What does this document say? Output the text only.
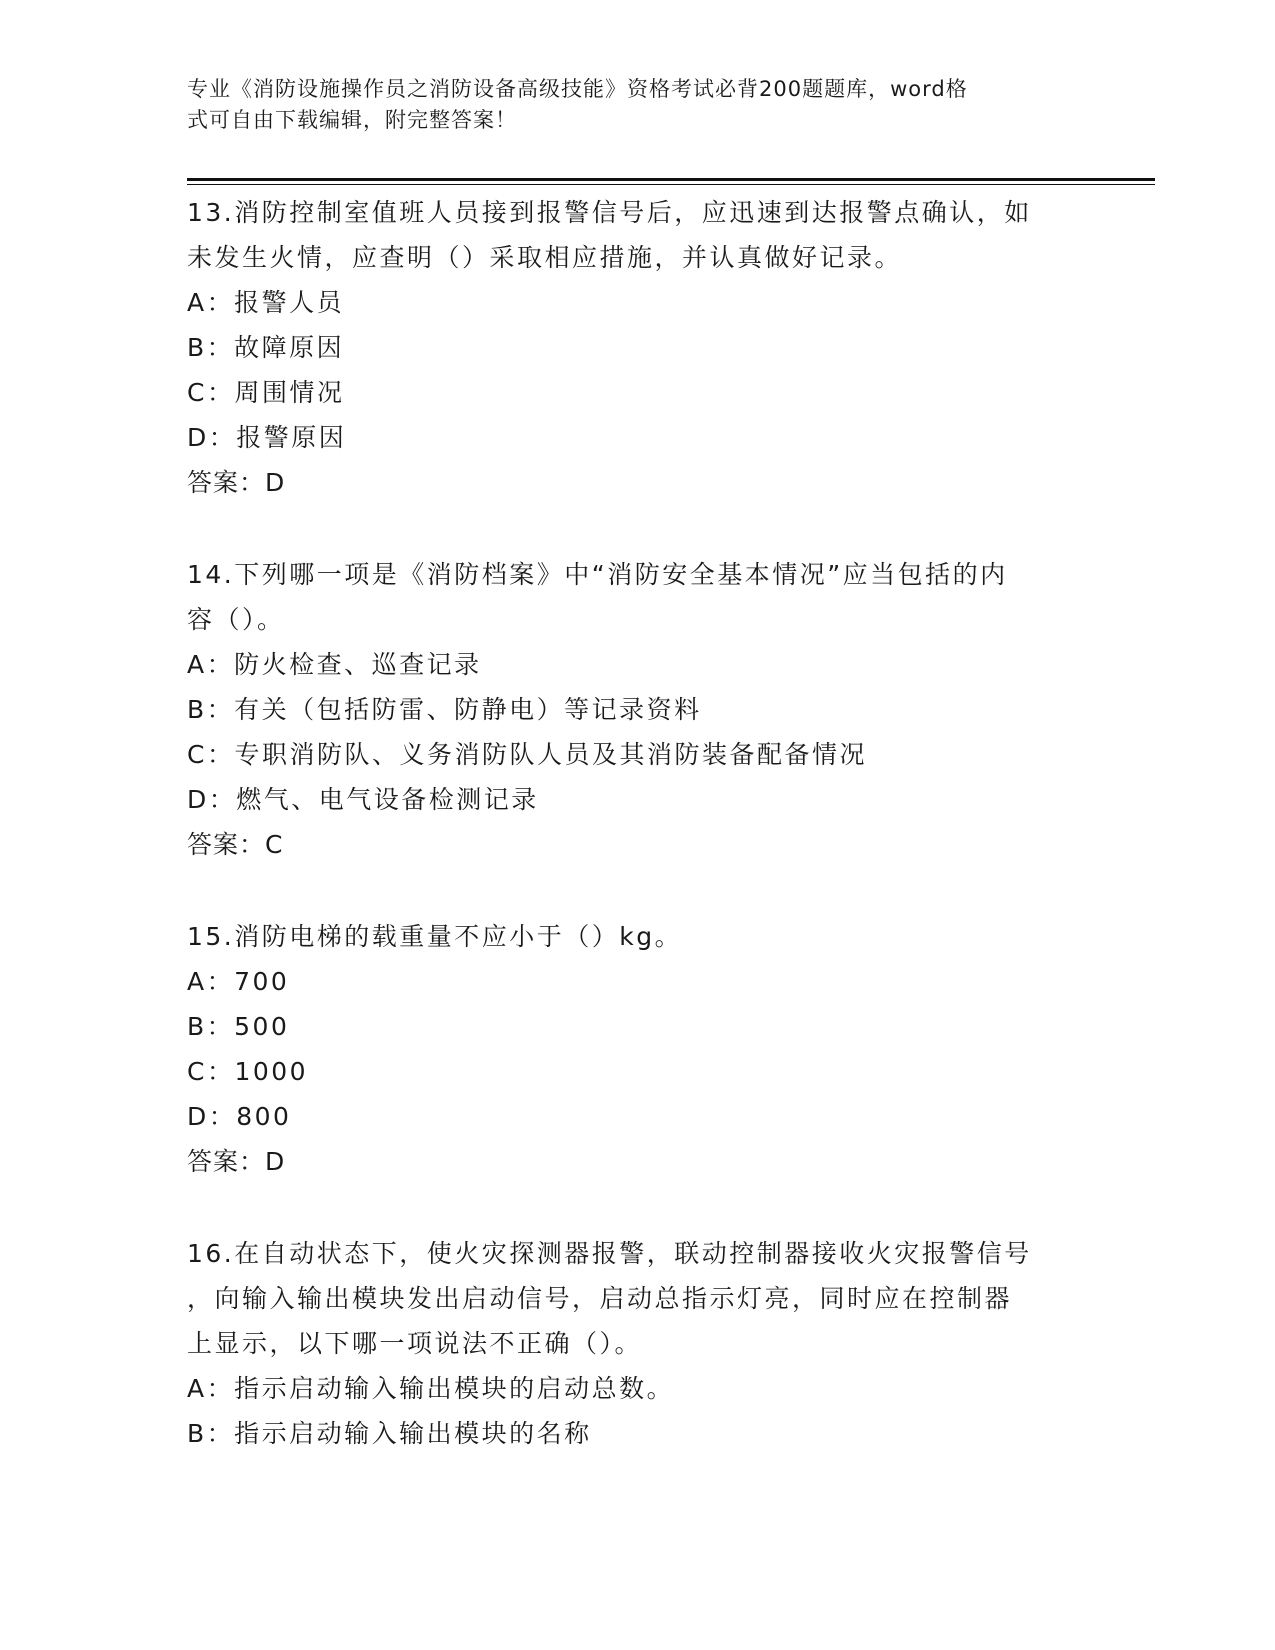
专业《消防设施操作员之消防设备高级技能》资格考试必背200题题库，word格
式可自由下载编辑，附完整答案！

13.消防控制室值班人员接到报警信号后，应迅速到达报警点确认，如
未发生火情，应查明（）采取相应措施，并认真做好记录。

A：报警人员

B：故障原因

C：周围情况

D：报警原因

答案：D

14.下列哪一项是《消防档案》中“消防安全基本情况”应当包括的内
容（）。

A：防火检查、巡查记录

B：有关（包括防雷、防静电）等记录资料

C：专职消防队、义务消防队人员及其消防装备配备情况

D：燃气、电气设备检测记录

答案：C

15.消防电梯的载重量不应小于（）kg。

A：700

B：500

C：1000

D：800

答案：D

16.在自动状态下，使火灾探测器报警，联动控制器接收火灾报警信号
，向输入输出模块发出启动信号，启动总指示灯亮，同时应在控制器
上显示，以下哪一项说法不正确（）。

A：指示启动输入输出模块的启动总数。

B：指示启动输入输出模块的名称
